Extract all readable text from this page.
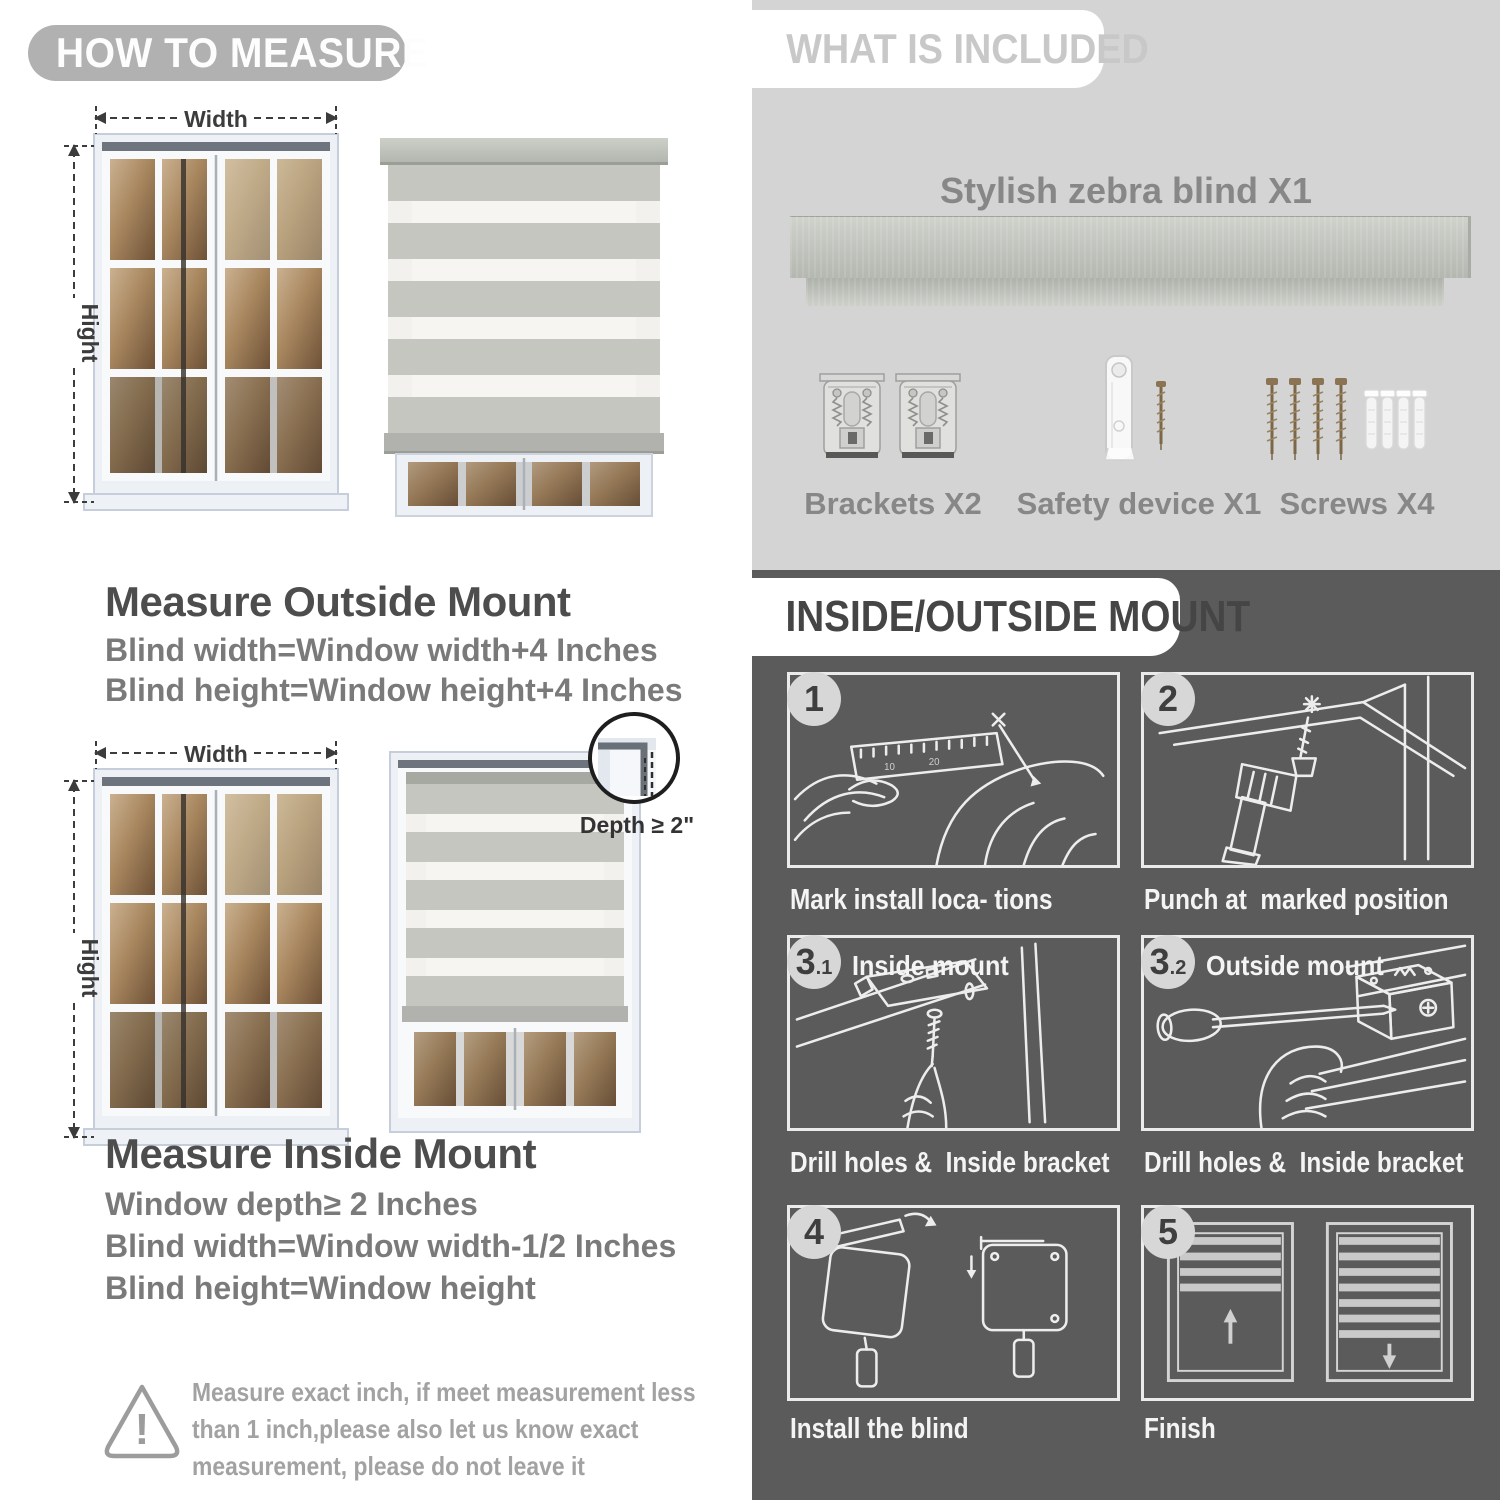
HOW TO MEASURE
Width
Hight
Measure Outside Mount
Blind width=Window width+4 Inches
Blind height=Window height+4 Inches
Width
Hight
Depth ≥ 2"
Measure Inside Mount
Window depth≥ 2 Inches
Blind width=Window width-1/2 Inches
Blind height=Window height
!
Measure exact inch, if meet measurement less
than 1 inch,please also let us know exact
measurement, please do not leave it
WHAT IS INCLUDED
Stylish zebra blind X1
Brackets X2	Safety device X1 Screws X4
INSIDE/OUTSIDE MOUNT
1
10	20
2
3 .1 Inside mount	3 .2 Outside mount
4	5
Mark install loca- tions	Punch at  marked position
Drill holes &  Inside bracket	Drill holes &  Inside bracket
Install the blind	Finish
